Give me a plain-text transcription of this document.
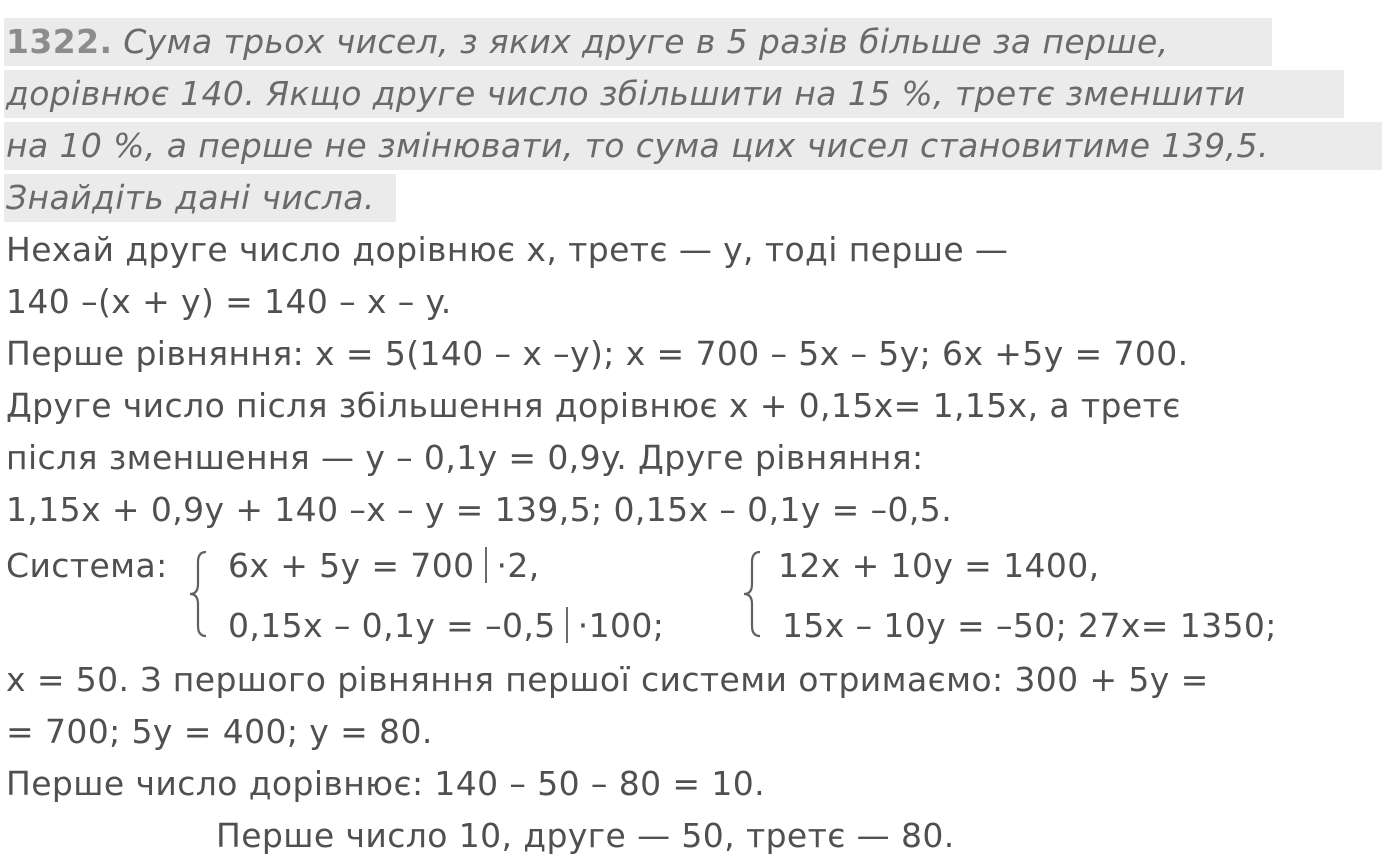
1322. Сума трьох чисел, з яких друге в 5 разів більше за перше,
дорівнює 140. Якщо друге число збільшити на 15 %, третє зменшити
на 10 %, а перше не змінювати, то сума цих чисел становитиме 139,5.
Знайдіть дані числа.
Нехай друге число дорівнює x, третє — y, тоді перше —
140 –(x + y) = 140 – x – y.
Перше рівняння: x = 5(140 – x –y); x = 700 – 5x – 5y; 6x +5y = 700.
Друге число після збільшення дорівнює x + 0,15x= 1,15x, а третє
після зменшення — y – 0,1y = 0,9y. Друге рівняння:
1,15x + 0,9y + 140 –x – y = 139,5; 0,15x – 0,1y = –0,5.
Система: 6x + 5y = 700 ·2,
0,15x – 0,1y = –0,5 ·100;
12x + 10y = 1400,
15x – 10y = –50; 27x= 1350;
x = 50. З першого рівняння першої системи отримаємо: 300 + 5y =
= 700; 5y = 400; y = 80.
Перше число дорівнює: 140 – 50 – 80 = 10.
Перше число 10, друге — 50, третє — 80.
